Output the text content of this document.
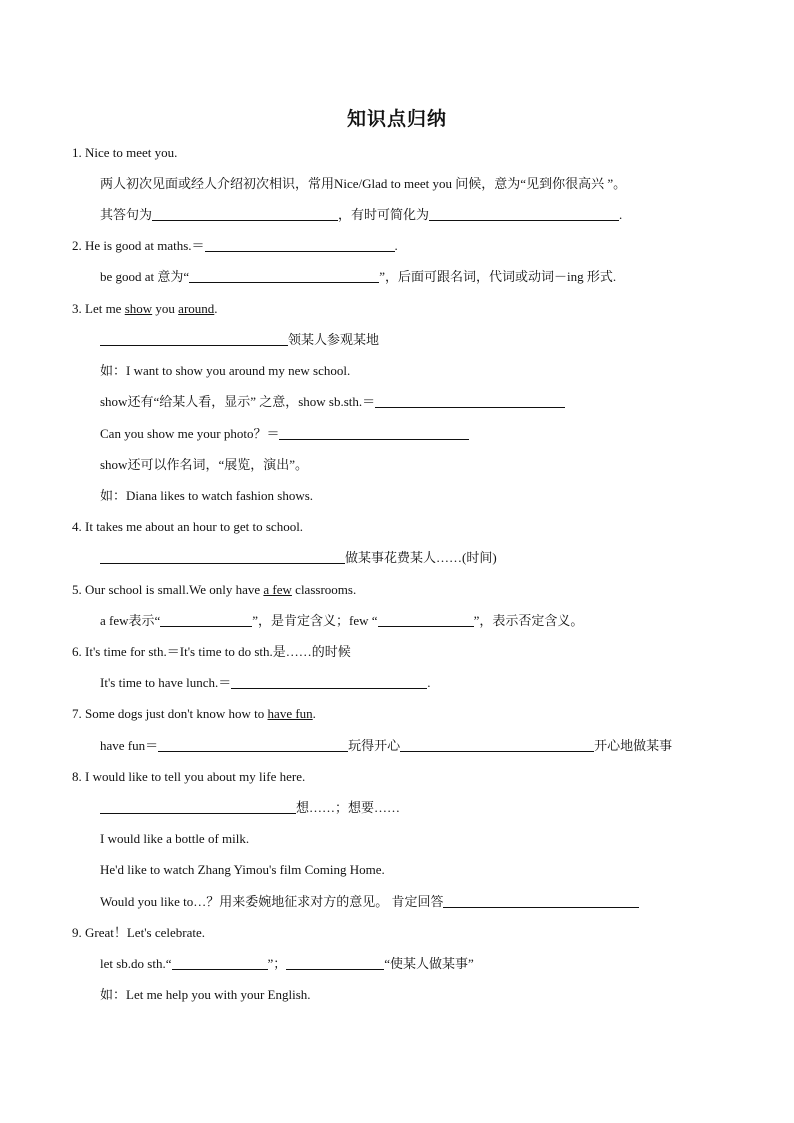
知识点归纳
1. Nice to meet you.
两人初次见面或经人介绍初次相识，常用Nice/Glad to meet you 问候，意为“见到你很高兴 ”。
其答句为	，有时可简化为	.
2. He is good at maths.＝	.
be good at 意为“	”，后面可跟名词，代词或动词－ing 形式.
3. Let me show you around.
领某人参观某地
如：I want to show you around my new school.
show还有“给某人看，显示” 之意，show sb.sth.＝
Can you show me your photo？＝
show还可以作名词，“展览，演出”。
如：Diana likes to watch fashion shows.
4. It takes me about an hour to get to school.
做某事花费某人……(时间)
5. Our school is small.We only have a few classrooms.
a few表示“	”，是肯定含义；few “	”，表示否定含义。
6. It's time for sth.＝It's time to do sth.是……的时候
It's time to have lunch.＝	.
7. Some dogs just don't know how to have fun.
have fun＝	玩得开心	开心地做某事
8. I would like to tell you about my life here.
想……；想要……
I would like a bottle of milk.
He'd like to watch Zhang Yimou's film Coming Home.
Would you like to…？用来委婉地征求对方的意见。 肯定回答
9. Great！Let's celebrate.
let sb.do sth.“	”；	“使某人做某事”
如：Let me help you with your English.
